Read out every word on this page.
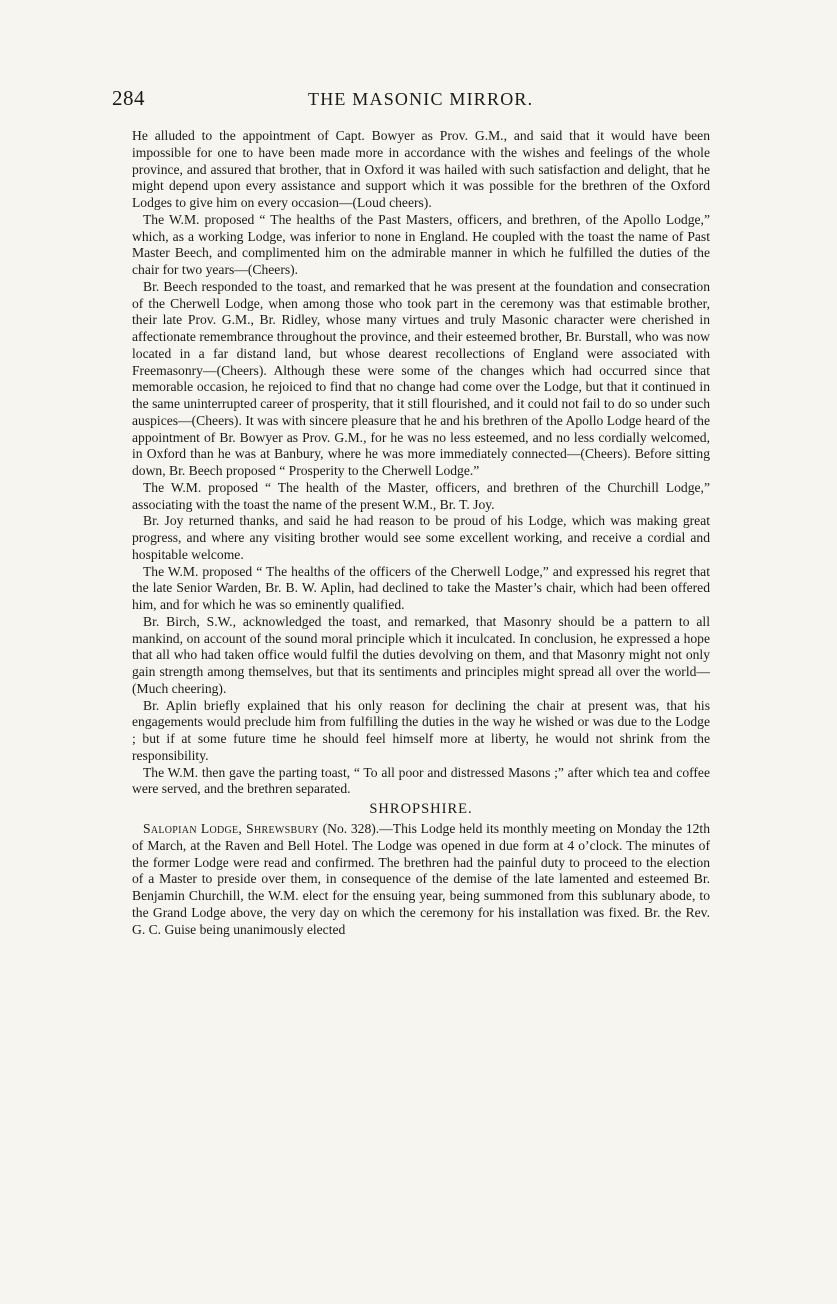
284	THE MASONIC MIRROR.

He alluded to the appointment of Capt. Bowyer as Prov. G.M., and said that it would have been impossible for one to have been made more in accordance with the wishes and feelings of the whole province, and assured that brother, that in Oxford it was hailed with such satisfaction and delight, that he might depend upon every assistance and support which it was possible for the brethren of the Oxford Lodges to give him on every occasion—(Loud cheers).

The W.M. proposed “ The healths of the Past Masters, officers, and brethren, of the Apollo Lodge,” which, as a working Lodge, was inferior to none in England. He coupled with the toast the name of Past Master Beech, and complimented him on the admirable manner in which he fulfilled the duties of the chair for two years—(Cheers).

Br. Beech responded to the toast, and remarked that he was present at the foundation and consecration of the Cherwell Lodge, when among those who took part in the ceremony was that estimable brother, their late Prov. G.M., Br. Ridley, whose many virtues and truly Masonic character were cherished in affectionate remembrance throughout the province, and their esteemed brother, Br. Burstall, who was now located in a far distand land, but whose dearest recollections of England were associated with Freemasonry—(Cheers). Although these were some of the changes which had occurred since that memorable occasion, he rejoiced to find that no change had come over the Lodge, but that it continued in the same uninterrupted career of prosperity, that it still flourished, and it could not fail to do so under such auspices—(Cheers). It was with sincere pleasure that he and his brethren of the Apollo Lodge heard of the appointment of Br. Bowyer as Prov. G.M., for he was no less esteemed, and no less cordially welcomed, in Oxford than he was at Banbury, where he was more immediately connected—(Cheers). Before sitting down, Br. Beech proposed “ Prosperity to the Cherwell Lodge.”

The W.M. proposed “ The health of the Master, officers, and brethren of the Churchill Lodge,” associating with the toast the name of the present W.M., Br. T. Joy.

Br. Joy returned thanks, and said he had reason to be proud of his Lodge, which was making great progress, and where any visiting brother would see some excellent working, and receive a cordial and hospitable welcome.

The W.M. proposed “ The healths of the officers of the Cherwell Lodge,” and expressed his regret that the late Senior Warden, Br. B. W. Aplin, had declined to take the Master’s chair, which had been offered him, and for which he was so eminently qualified.

Br. Birch, S.W., acknowledged the toast, and remarked, that Masonry should be a pattern to all mankind, on account of the sound moral principle which it inculcated. In conclusion, he expressed a hope that all who had taken office would fulfil the duties devolving on them, and that Masonry might not only gain strength among themselves, but that its sentiments and principles might spread all over the world—(Much cheering).

Br. Aplin briefly explained that his only reason for declining the chair at present was, that his engagements would preclude him from fulfilling the duties in the way he wished or was due to the Lodge ; but if at some future time he should feel himself more at liberty, he would not shrink from the responsibility.

The W.M. then gave the parting toast, “ To all poor and distressed Masons ;” after which tea and coffee were served, and the brethren separated.

SHROPSHIRE.

Salopian Lodge, Shrewsbury (No. 328).—This Lodge held its monthly meeting on Monday the 12th of March, at the Raven and Bell Hotel. The Lodge was opened in due form at 4 o’clock. The minutes of the former Lodge were read and confirmed. The brethren had the painful duty to proceed to the election of a Master to preside over them, in consequence of the demise of the late lamented and esteemed Br. Benjamin Churchill, the W.M. elect for the ensuing year, being summoned from this sublunary abode, to the Grand Lodge above, the very day on which the ceremony for his installation was fixed. Br. the Rev. G. C. Guise being unanimously elected
